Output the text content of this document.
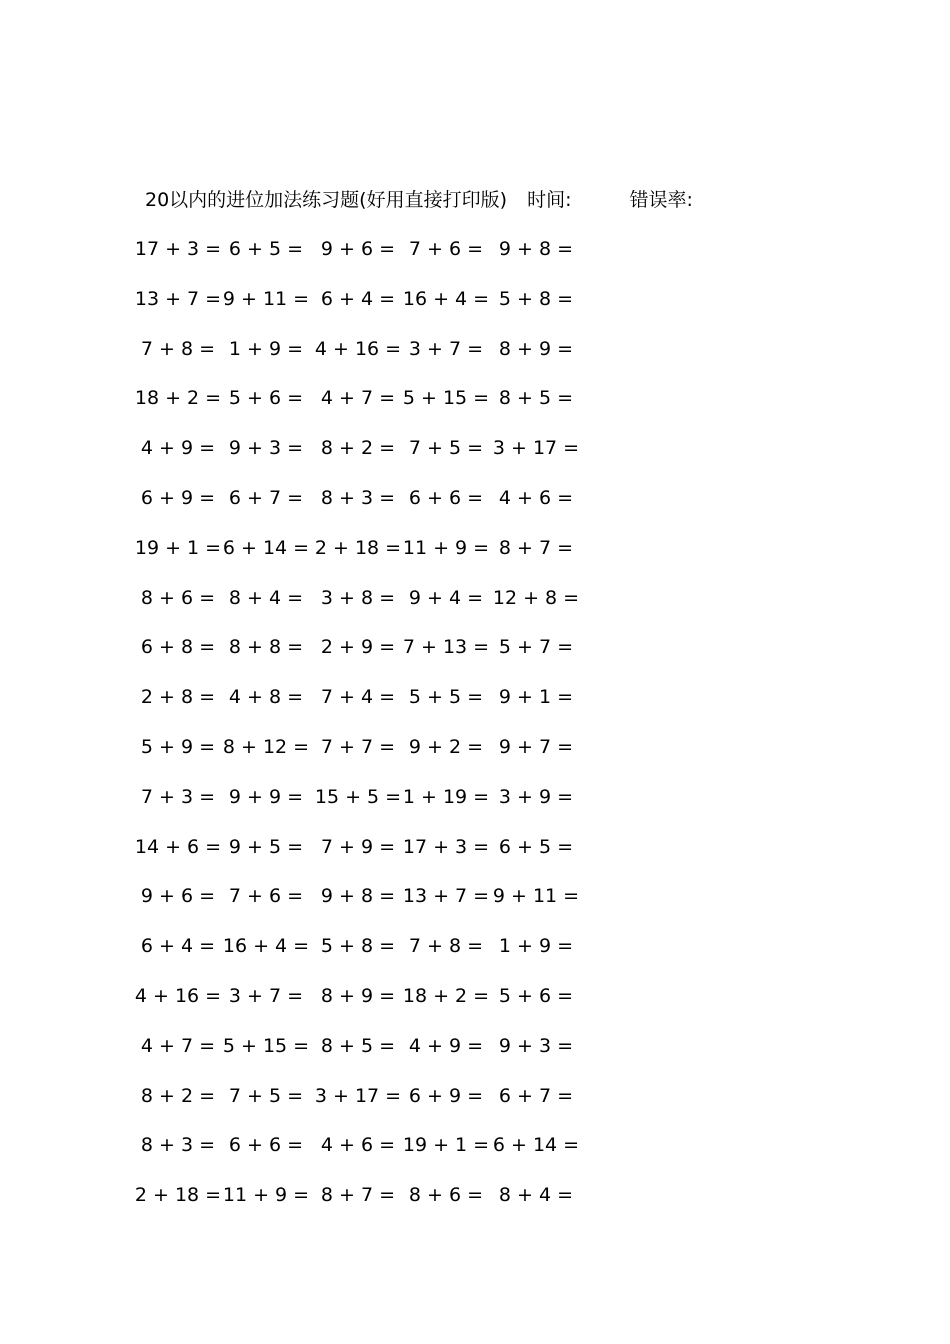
20以内的进位加法练习题(好用直接打印版) 时间:	错误率:
17 + 3 = 6 + 5 = 9 + 6 = 7 + 6 = 9 + 8 =
13 + 7 = 9 + 11 = 6 + 4 = 16 + 4 = 5 + 8 =
7 + 8 = 1 + 9 = 4 + 16 = 3 + 7 = 8 + 9 =
18 + 2 = 5 + 6 = 4 + 7 = 5 + 15 = 8 + 5 =
4 + 9 = 9 + 3 = 8 + 2 = 7 + 5 = 3 + 17 =
6 + 9 = 6 + 7 = 8 + 3 = 6 + 6 = 4 + 6 =
19 + 1 = 6 + 14 = 2 + 18 = 11 + 9 = 8 + 7 =
8 + 6 = 8 + 4 = 3 + 8 = 9 + 4 = 12 + 8 =
6 + 8 = 8 + 8 = 2 + 9 = 7 + 13 = 5 + 7 =
2 + 8 = 4 + 8 = 7 + 4 = 5 + 5 = 9 + 1 =
5 + 9 = 8 + 12 = 7 + 7 = 9 + 2 = 9 + 7 =
7 + 3 = 9 + 9 = 15 + 5 = 1 + 19 = 3 + 9 =
14 + 6 = 9 + 5 = 7 + 9 = 17 + 3 = 6 + 5 =
9 + 6 = 7 + 6 = 9 + 8 = 13 + 7 = 9 + 11 =
6 + 4 = 16 + 4 = 5 + 8 = 7 + 8 = 1 + 9 =
4 + 16 = 3 + 7 = 8 + 9 = 18 + 2 = 5 + 6 =
4 + 7 = 5 + 15 = 8 + 5 = 4 + 9 = 9 + 3 =
8 + 2 = 7 + 5 = 3 + 17 = 6 + 9 = 6 + 7 =
8 + 3 = 6 + 6 = 4 + 6 = 19 + 1 = 6 + 14 =
2 + 18 = 11 + 9 = 8 + 7 = 8 + 6 = 8 + 4 =
